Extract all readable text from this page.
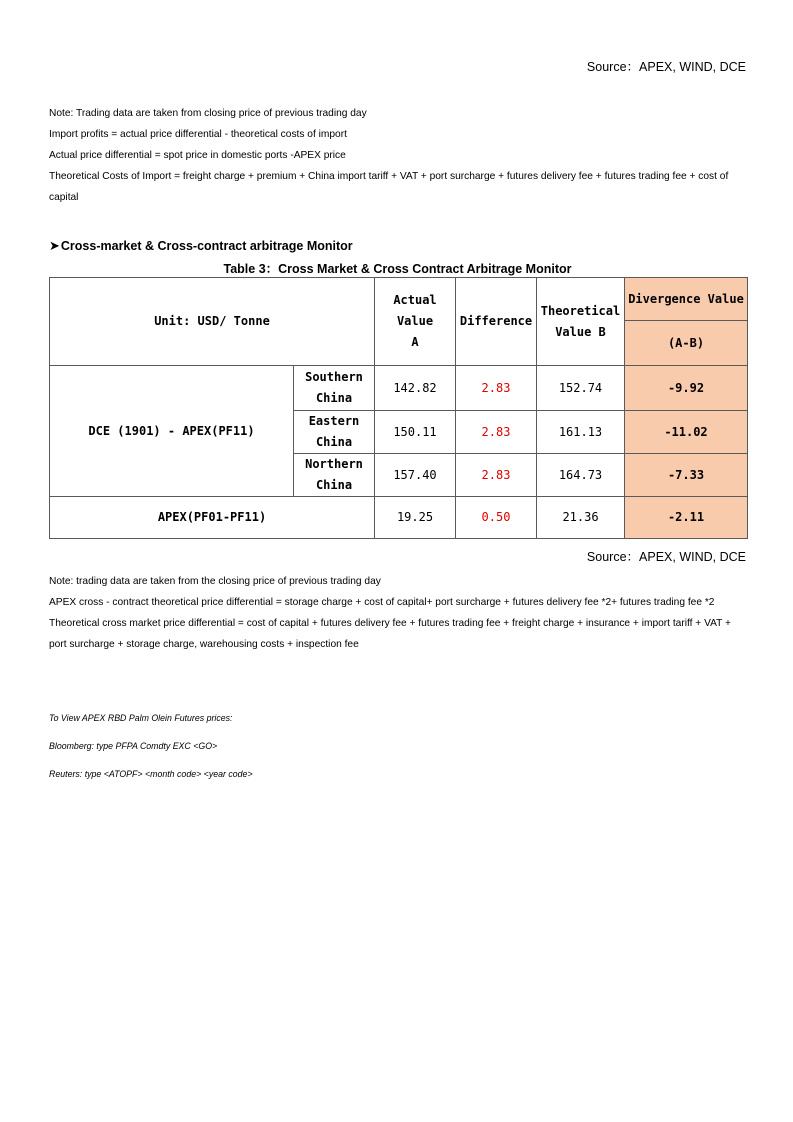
Source：APEX, WIND, DCE

Note: Trading data are taken from closing price of previous trading day

Import profits = actual price differential - theoretical costs of import

Actual price differential = spot price in domestic ports -APEX price

Theoretical Costs of Import = freight charge + premium + China import tariff + VAT + port surcharge + futures delivery fee + futures trading fee + cost of capital

➤Cross-market & Cross-contract arbitrage Monitor
Table 3：Cross Market & Cross Contract Arbitrage Monitor
Unit: USD/ Tonne		Actual Value A	Difference	Theoretical Value B	Divergence Value
					(A-B)
DCE (1901) - APEX(PF11)	Southern China	142.82	2.83	152.74	-9.92
	Eastern China	150.11	2.83	161.13	-11.02
	Northern China	157.40	2.83	164.73	-7.33
APEX(PF01-PF11)		19.25	0.50	21.36	-2.11
Source：APEX, WIND, DCE

Note: trading data are taken from the closing price of previous trading day

APEX cross - contract theoretical price differential = storage charge + cost of capital+ port surcharge + futures delivery fee *2+ futures trading fee *2

Theoretical cross market price differential = cost of capital + futures delivery fee + futures trading fee + freight charge + insurance + import tariff + VAT + port surcharge + storage charge, warehousing costs + inspection fee

To View APEX RBD Palm Olein Futures prices:

Bloomberg: type PFPA Comdty EXC <GO>

Reuters: type <ATOPF> <month code> <year code>
